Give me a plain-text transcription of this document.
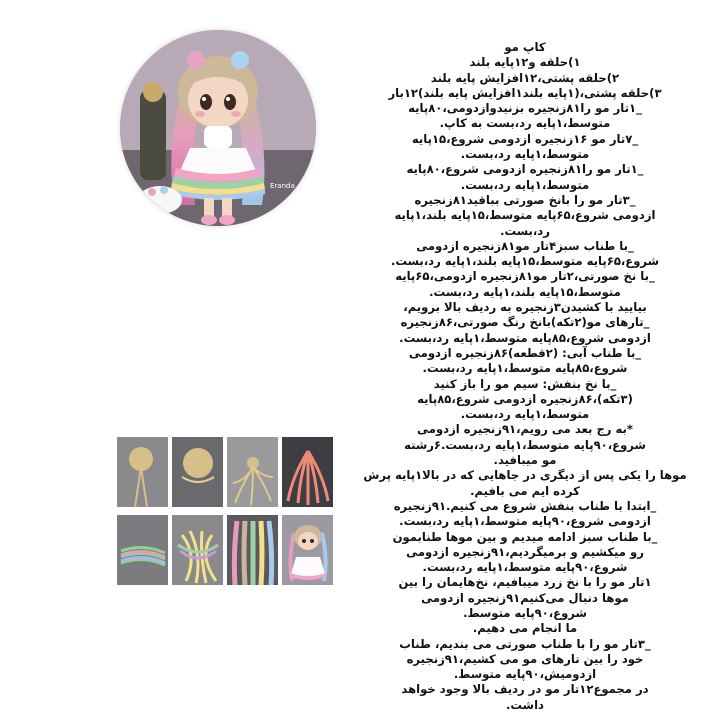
Eranda
کاپ مو
۱)حلقه و۱۲پایه بلند
۲)حلقه پشتی،۱۲افزایش پایه بلند
۳)حلقه پشتی،(۱پایه بلند۱افزایش پایه بلند)۱۲بار
_۱تار مو را۸۱زنجیره بزنیدوازدومی،۸۰پایه
متوسط،۱پایه رد،بست به کاپ.
_۷تار مو ۱۶زنجیره ازدومی شروع،۱۵پایه
متوسط،۱پایه رد،بست.
_۱تار مو را۸۱زنجیره ازدومی شروع،۸۰پایه
متوسط،۱پایه رد،بست.
_۳تار مو را بانخ صورتی بباقید۸۱زنجیره
ازدومی شروع،۶۵پایه متوسط،۱۵پایه بلند،۱پایه
رد،بست.
_با طناب سبز۴تار مو۸۱زنجیره ازدومی
شروع،۶۵پایه متوسط،۱۵پایه بلند،۱پایه رد،بست.
_با نخ صورتی،۲تار مو۸۱زنجیره ازدومی،۶۵پایه
متوسط،۱۵پایه بلند،۱پایه رد،بست.
بیایید با کشیدن۳زنجیره به ردیف بالا برویم،
_تارهای مو(۲تکه)بانخ رنگ صورتی،۸۶زنجیره
ازدومی شروع،۸۵پایه متوسط،۱پایه رد،بست.
_با طناب آبی: (۲قطعه)۸۶زنجیره ازدومی
شروع،۸۵پایه متوسط،۱پایه رد،بست.
_با نخ بنفش: سیم مو را باز کنید
(۳تکه)،۸۶زنجیره ازدومی شروع،۸۵پایه
متوسط،۱پایه رد،بست.
*به رج بعد می رویم،۹۱زنجیره ازدومی
شروع،۹۰پایه متوسط،۱پایه رد،بست.۶رشته
مو میبافید.
موها را یکی پس از دیگری در جاهایی که در بالا۱پایه پرش
کرده ایم می بافیم.
_ابتدا با طناب بنفش شروع می کنیم.۹۱زنجیره
ازدومی شروع،۹۰پایه متوسط،۱پایه رد،بست.
_با طناب سبز ادامه میدیم و بین موها طنابمون
رو میکشیم و برمیگردیم،۹۱زنجیره ازدومی
شروع،۹۰پایه متوسط،۱پایه رد،بست.
۱تار مو را با نخ زرد میبافیم، نخ‌هایمان را بین
موها دنبال می‌کنیم۹۱زنجیره ازدومی
شروع،۹۰پایه متوسط.
ما انجام می دهیم.
_۳تار مو را با طناب صورتی می بندیم، طناب
خود را بین تارهای مو می کشیم،۹۱زنجیره
ازدومیش،۹۰پایه متوسط.
در مجموع۱۲تار مو در ردیف بالا وجود خواهد
داشت.
